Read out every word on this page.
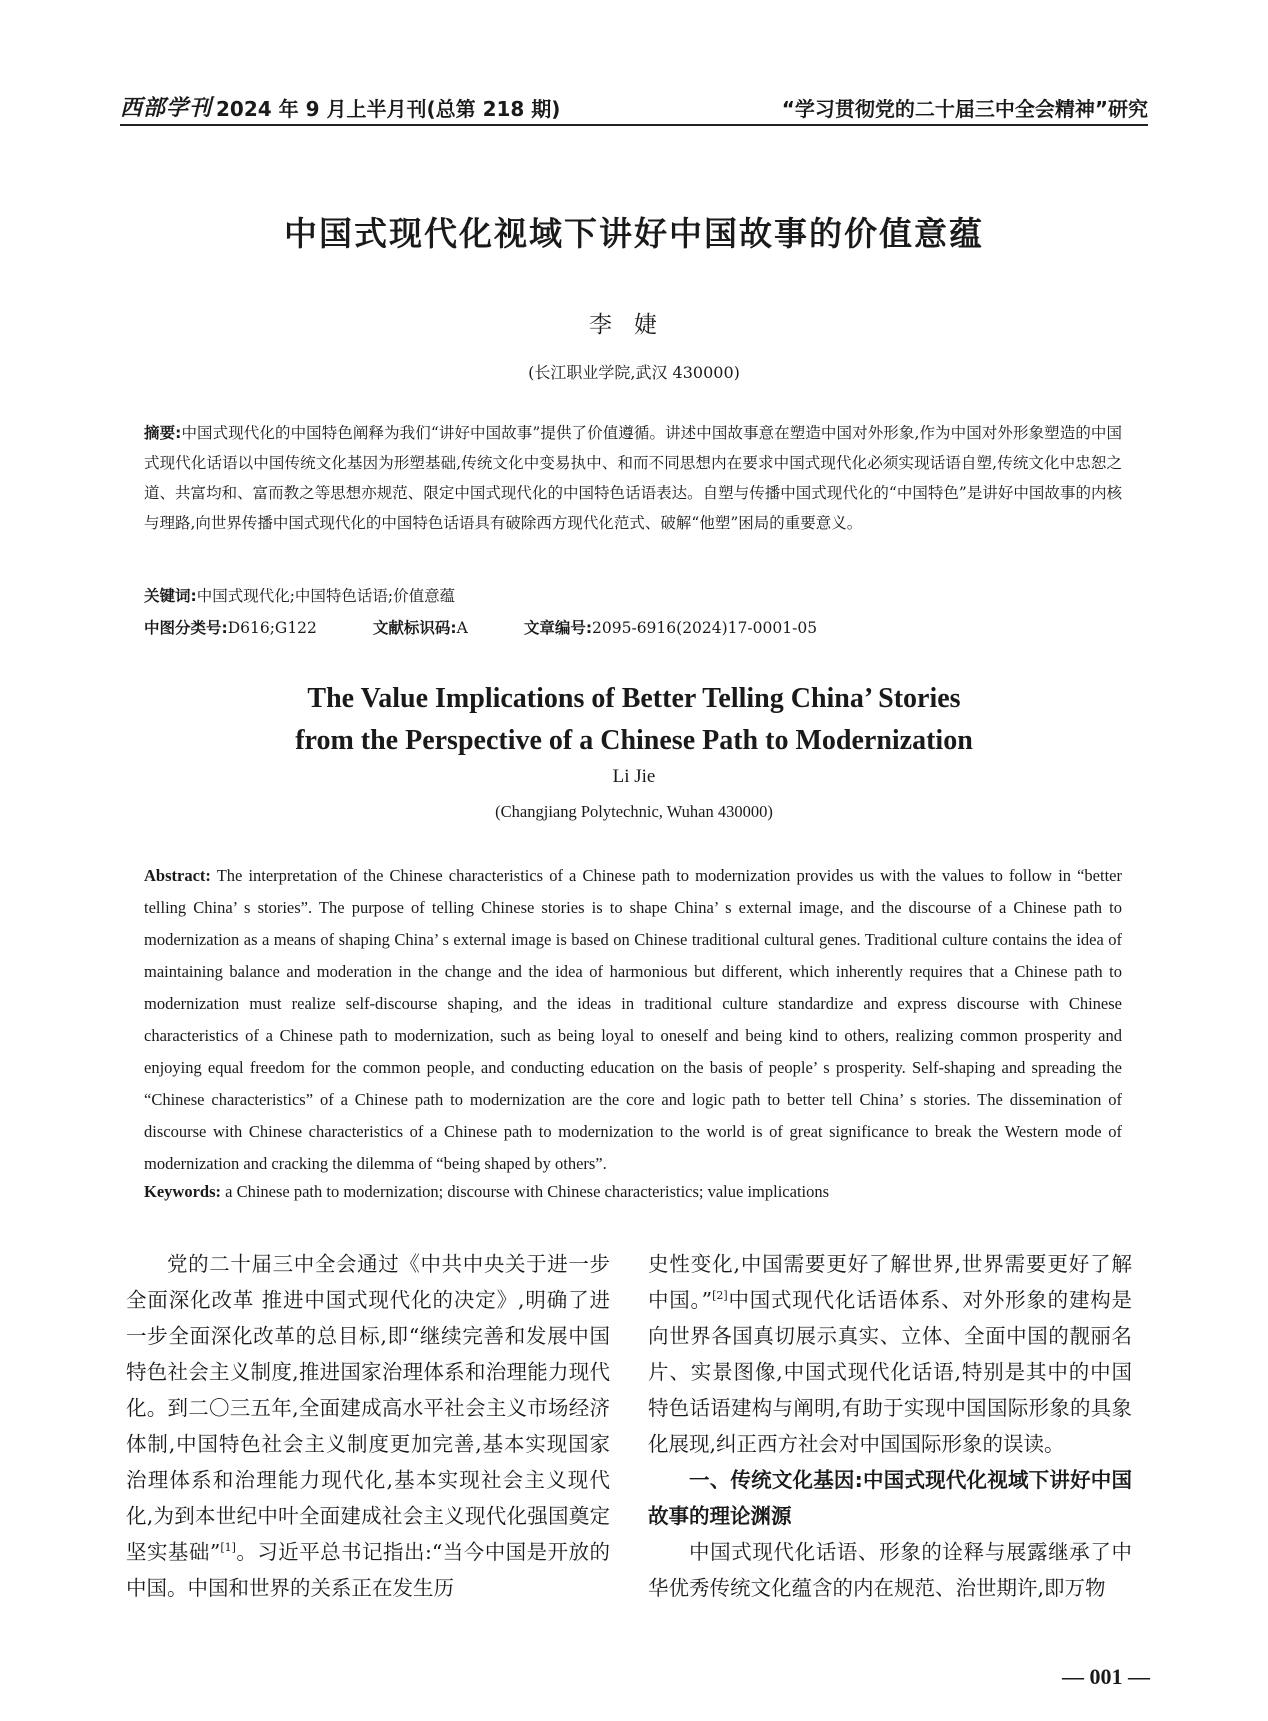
西部学刊 2024 年 9 月上半月刊(总第 218 期)	“学习贯彻党的二十届三中全会精神”研究
中国式现代化视域下讲好中国故事的价值意蕴
李婕
(长江职业学院,武汉 430000)
摘要:中国式现代化的中国特色阐释为我们“讲好中国故事”提供了价值遵循。讲述中国故事意在塑造中国对外形象,作为中国对外形象塑造的中国式现代化话语以中国传统文化基因为形塑基础,传统文化中变易执中、和而不同思想内在要求中国式现代化必须实现话语自塑,传统文化中忠恕之道、共富均和、富而教之等思想亦规范、限定中国式现代化的中国特色话语表达。自塑与传播中国式现代化的“中国特色”是讲好中国故事的内核与理路,向世界传播中国式现代化的中国特色话语具有破除西方现代化范式、破解“他塑”困局的重要意义。
关键词:中国式现代化;中国特色话语;价值意蕴
中图分类号:D616;G122	文献标识码:A	文章编号:2095-6916(2024)17-0001-05
The Value Implications of Better Telling China’ Stories
from the Perspective of a Chinese Path to Modernization
Li Jie
(Changjiang Polytechnic, Wuhan 430000)
Abstract: The interpretation of the Chinese characteristics of a Chinese path to modernization provides us with the values to follow in “better telling China’ s stories”. The purpose of telling Chinese stories is to shape China’ s external image, and the discourse of a Chinese path to modernization as a means of shaping China’ s external image is based on Chinese traditional cultural genes. Traditional culture contains the idea of maintaining balance and moderation in the change and the idea of harmonious but different, which inherently requires that a Chinese path to modernization must realize self-discourse shaping, and the ideas in traditional culture standardize and express discourse with Chinese characteristics of a Chinese path to modernization, such as being loyal to oneself and being kind to others, realizing common prosperity and enjoying equal freedom for the common people, and conducting education on the basis of people’ s prosperity. Self-shaping and spreading the “Chinese characteristics” of a Chinese path to modernization are the core and logic path to better tell China’ s stories. The dissemination of discourse with Chinese characteristics of a Chinese path to modernization to the world is of great significance to break the Western mode of modernization and cracking the dilemma of “being shaped by others”.
Keywords: a Chinese path to modernization; discourse with Chinese characteristics; value implications

党的二十届三中全会通过《中共中央关于进一步全面深化改革 推进中国式现代化的决定》,明确了进一步全面深化改革的总目标,即“继续完善和发展中国特色社会主义制度,推进国家治理体系和治理能力现代化。到二〇三五年,全面建成高水平社会主义市场经济体制,中国特色社会主义制度更加完善,基本实现国家治理体系和治理能力现代化,基本实现社会主义现代化,为到本世纪中叶全面建成社会主义现代化强国奠定坚实基础”[1]。习近平总书记指出:“当今中国是开放的中国。中国和世界的关系正在发生历

史性变化,中国需要更好了解世界,世界需要更好了解中国。”[2]中国式现代化话语体系、对外形象的建构是向世界各国真切展示真实、立体、全面中国的靓丽名片、实景图像,中国式现代化话语,特别是其中的中国特色话语建构与阐明,有助于实现中国国际形象的具象化展现,纠正西方社会对中国国际形象的误读。

一、传统文化基因:中国式现代化视域下讲好中国故事的理论渊源

中国式现代化话语、形象的诠释与展露继承了中华优秀传统文化蕴含的内在规范、治世期许,即万物

— 001 —
